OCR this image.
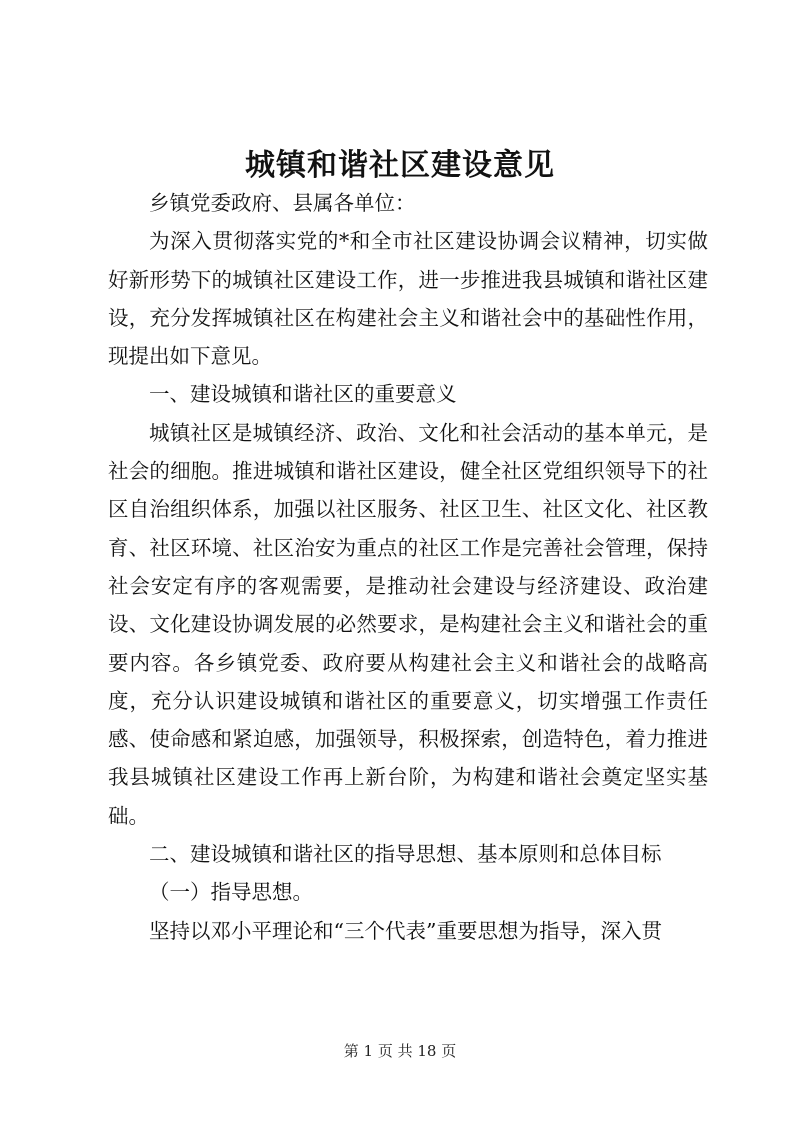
城镇和谐社区建设意见

乡镇党委政府、县属各单位：

为深入贯彻落实党的*和全市社区建设协调会议精神，切实做好新形势下的城镇社区建设工作，进一步推进我县城镇和谐社区建设，充分发挥城镇社区在构建社会主义和谐社会中的基础性作用，现提出如下意见。

一、建设城镇和谐社区的重要意义

城镇社区是城镇经济、政治、文化和社会活动的基本单元，是社会的细胞。推进城镇和谐社区建设，健全社区党组织领导下的社区自治组织体系，加强以社区服务、社区卫生、社区文化、社区教育、社区环境、社区治安为重点的社区工作是完善社会管理，保持社会安定有序的客观需要，是推动社会建设与经济建设、政治建设、文化建设协调发展的必然要求，是构建社会主义和谐社会的重要内容。各乡镇党委、政府要从构建社会主义和谐社会的战略高度，充分认识建设城镇和谐社区的重要意义，切实增强工作责任感、使命感和紧迫感，加强领导，积极探索，创造特色，着力推进我县城镇社区建设工作再上新台阶，为构建和谐社会奠定坚实基础。

二、建设城镇和谐社区的指导思想、基本原则和总体目标

（一）指导思想。

坚持以邓小平理论和“三个代表”重要思想为指导，深入贯

第 1 页 共 18 页
